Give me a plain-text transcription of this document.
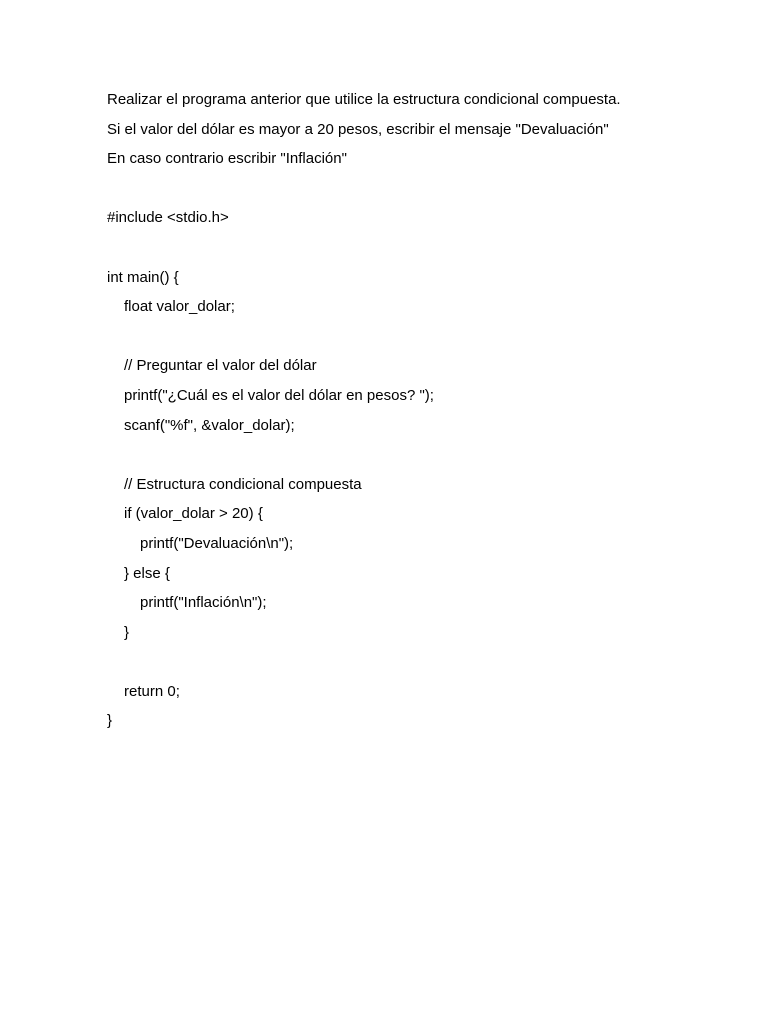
Realizar el programa anterior que utilice la estructura condicional compuesta.
Si el valor del dólar es mayor a 20 pesos, escribir el mensaje "Devaluación"
En caso contrario escribir "Inflación"
#include <stdio.h>
int main() {
float valor_dolar;
// Preguntar el valor del dólar
printf("¿Cuál es el valor del dólar en pesos? ");
scanf("%f", &valor_dolar);
// Estructura condicional compuesta
if (valor_dolar > 20) {
printf("Devaluación\n");
} else {
printf("Inflación\n");
}
return 0;
}
